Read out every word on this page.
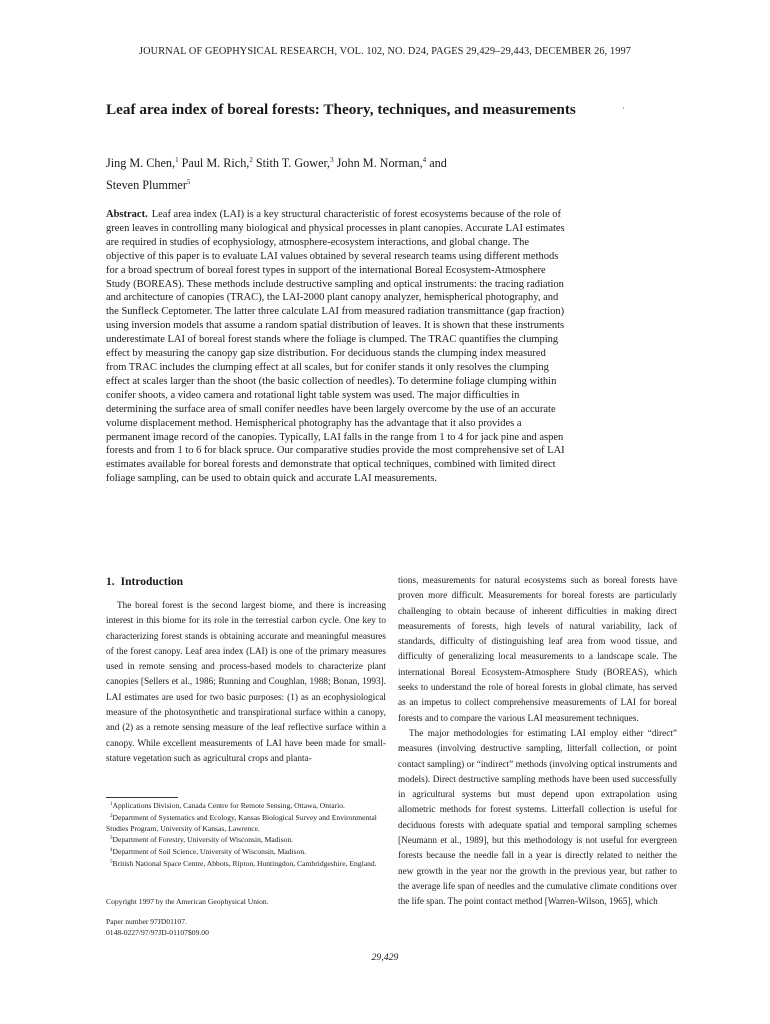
JOURNAL OF GEOPHYSICAL RESEARCH, VOL. 102, NO. D24, PAGES 29,429–29,443, DECEMBER 26, 1997
Leaf area index of boreal forests: Theory, techniques, and measurements	·
Jing M. Chen,$^1$ Paul M. Rich,$^2$ Stith T. Gower,$^3$ John M. Norman,$^4$ and
Steven Plummer$^5$
Abstract. Leaf area index (LAI) is a key structural characteristic of forest ecosystems because of the role of green leaves in controlling many biological and physical processes in plant canopies. Accurate LAI estimates are required in studies of ecophysiology, atmosphere-ecosystem interactions, and global change. The objective of this paper is to evaluate LAI values obtained by several research teams using different methods for a broad spectrum of boreal forest types in support of the international Boreal Ecosystem-Atmosphere Study (BOREAS). These methods include destructive sampling and optical instruments: the tracing radiation and architecture of canopies (TRAC), the LAI-2000 plant canopy analyzer, hemispherical photography, and the Sunfleck Ceptometer. The latter three calculate LAI from measured radiation transmittance (gap fraction) using inversion models that assume a random spatial distribution of leaves. It is shown that these instruments underestimate LAI of boreal forest stands where the foliage is clumped. The TRAC quantifies the clumping effect by measuring the canopy gap size distribution. For deciduous stands the clumping index measured from TRAC includes the clumping effect at all scales, but for conifer stands it only resolves the clumping effect at scales larger than the shoot (the basic collection of needles). To determine foliage clumping within conifer shoots, a video camera and rotational light table system was used. The major difficulties in determining the surface area of small conifer needles have been largely overcome by the use of an accurate volume displacement method. Hemispherical photography has the advantage that it also provides a permanent image record of the canopies. Typically, LAI falls in the range from 1 to 4 for jack pine and aspen forests and from 1 to 6 for black spruce. Our comparative studies provide the most comprehensive set of LAI estimates available for boreal forests and demonstrate that optical techniques, combined with limited direct foliage sampling, can be used to obtain quick and accurate LAI measurements.
1. Introduction

The boreal forest is the second largest biome, and there is increasing interest in this biome for its role in the terrestial carbon cycle. One key to characterizing forest stands is obtaining accurate and meaningful measures of the forest canopy. Leaf area index (LAI) is one of the primary measures used in remote sensing and process-based models to characterize plant canopies [Sellers et al., 1986; Running and Coughlan, 1988; Bonan, 1993]. LAI estimates are used for two basic purposes: (1) as an ecophysiological measure of the photosynthetic and transpirational surface within a canopy, and (2) as a remote sensing measure of the leaf reflective surface within a canopy. While excellent measurements of LAI have been made for small-stature vegetation such as agricultural crops and planta-

tions, measurements for natural ecosystems such as boreal forests have proven more difficult. Measurements for boreal forests are particularly challenging to obtain because of inherent difficulties in making direct measurements of forests, high levels of natural variability, lack of standards, difficulty of distinguishing leaf area from wood tissue, and difficulty of generalizing local measurements to a landscape scale. The international Boreal Ecosystem-Atmosphere Study (BOREAS), which seeks to understand the role of boreal forests in global climate, has served as an impetus to collect comprehensive measurements of LAI for boreal forests and to compare the various LAI measurement techniques.

The major methodologies for estimating LAI employ either “direct” measures (involving destructive sampling, litterfall collection, or point contact sampling) or “indirect” methods (involving optical instruments and models). Direct destructive sampling methods have been used successfully in agricultural systems but must depend upon extrapolation using allometric methods for forest systems. Litterfall collection is useful for deciduous forests with adequate spatial and temporal sampling schemes [Neumann et al., 1989], but this methodology is not useful for evergreen forests because the needle fall in a year is directly related to neither the new growth in the year nor the growth in the previous year, but rather to the average life span of needles and the cumulative climate conditions over the life span. The point contact method [Warren-Wilson, 1965], which

$^1$Applications Division, Canada Centre for Remote Sensing, Ottawa, Ontario.
$^2$Department of Systematics and Ecology, Kansas Biological Survey and Environmental Studies Program, University of Kansas, Lawrence.
$^3$Department of Forestry, University of Wisconsin, Madison.
$^4$Department of Soil Science, University of Wisconsin, Madison.
$^5$British National Space Centre, Abbots, Ripton, Huntingdon, Cambridgeshire, England.
Copyright 1997 by the American Geophysical Union.
Paper number 97JD01107.
0148-0227/97/97JD-01107$09.00
29,429
